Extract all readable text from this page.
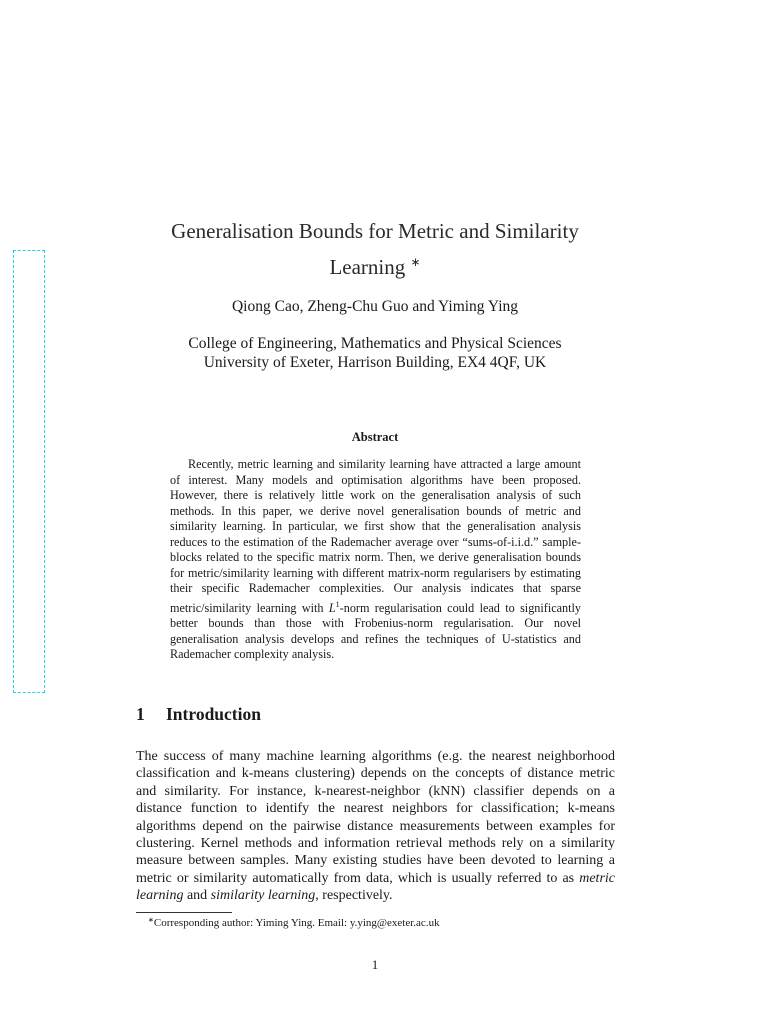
Generalisation Bounds for Metric and Similarity
Learning ∗
Qiong Cao, Zheng-Chu Guo and Yiming Ying
College of Engineering, Mathematics and Physical Sciences
University of Exeter, Harrison Building, EX4 4QF, UK
Abstract
Recently, metric learning and similarity learning have attracted a large amount of interest. Many models and optimisation algorithms have been proposed. However, there is relatively little work on the generalisation analysis of such methods. In this paper, we derive novel generalisation bounds of metric and similarity learning. In particular, we first show that the generalisation analysis reduces to the estimation of the Rademacher average over “sums-of-i.i.d.” sample-blocks related to the specific matrix norm. Then, we derive generalisation bounds for metric/similarity learning with different matrix-norm regularisers by estimating their specific Rademacher complexities. Our analysis indicates that sparse metric/similarity learning with $L^1$-norm regularisation could lead to significantly better bounds than those with Frobenius-norm regularisation. Our novel generalisation analysis develops and refines the techniques of U-statistics and Rademacher complexity analysis.
1 Introduction
The success of many machine learning algorithms (e.g. the nearest neighborhood classification and k-means clustering) depends on the concepts of distance metric and similarity. For instance, k-nearest-neighbor (kNN) classifier depends on a distance function to identify the nearest neighbors for classification; k-means algorithms depend on the pairwise distance measurements between examples for clustering. Kernel methods and information retrieval methods rely on a similarity measure between samples. Many existing studies have been devoted to learning a metric or similarity automatically from data, which is usually referred to as metric learning and similarity learning, respectively.
∗Corresponding author: Yiming Ying. Email: y.ying@exeter.ac.uk
1
